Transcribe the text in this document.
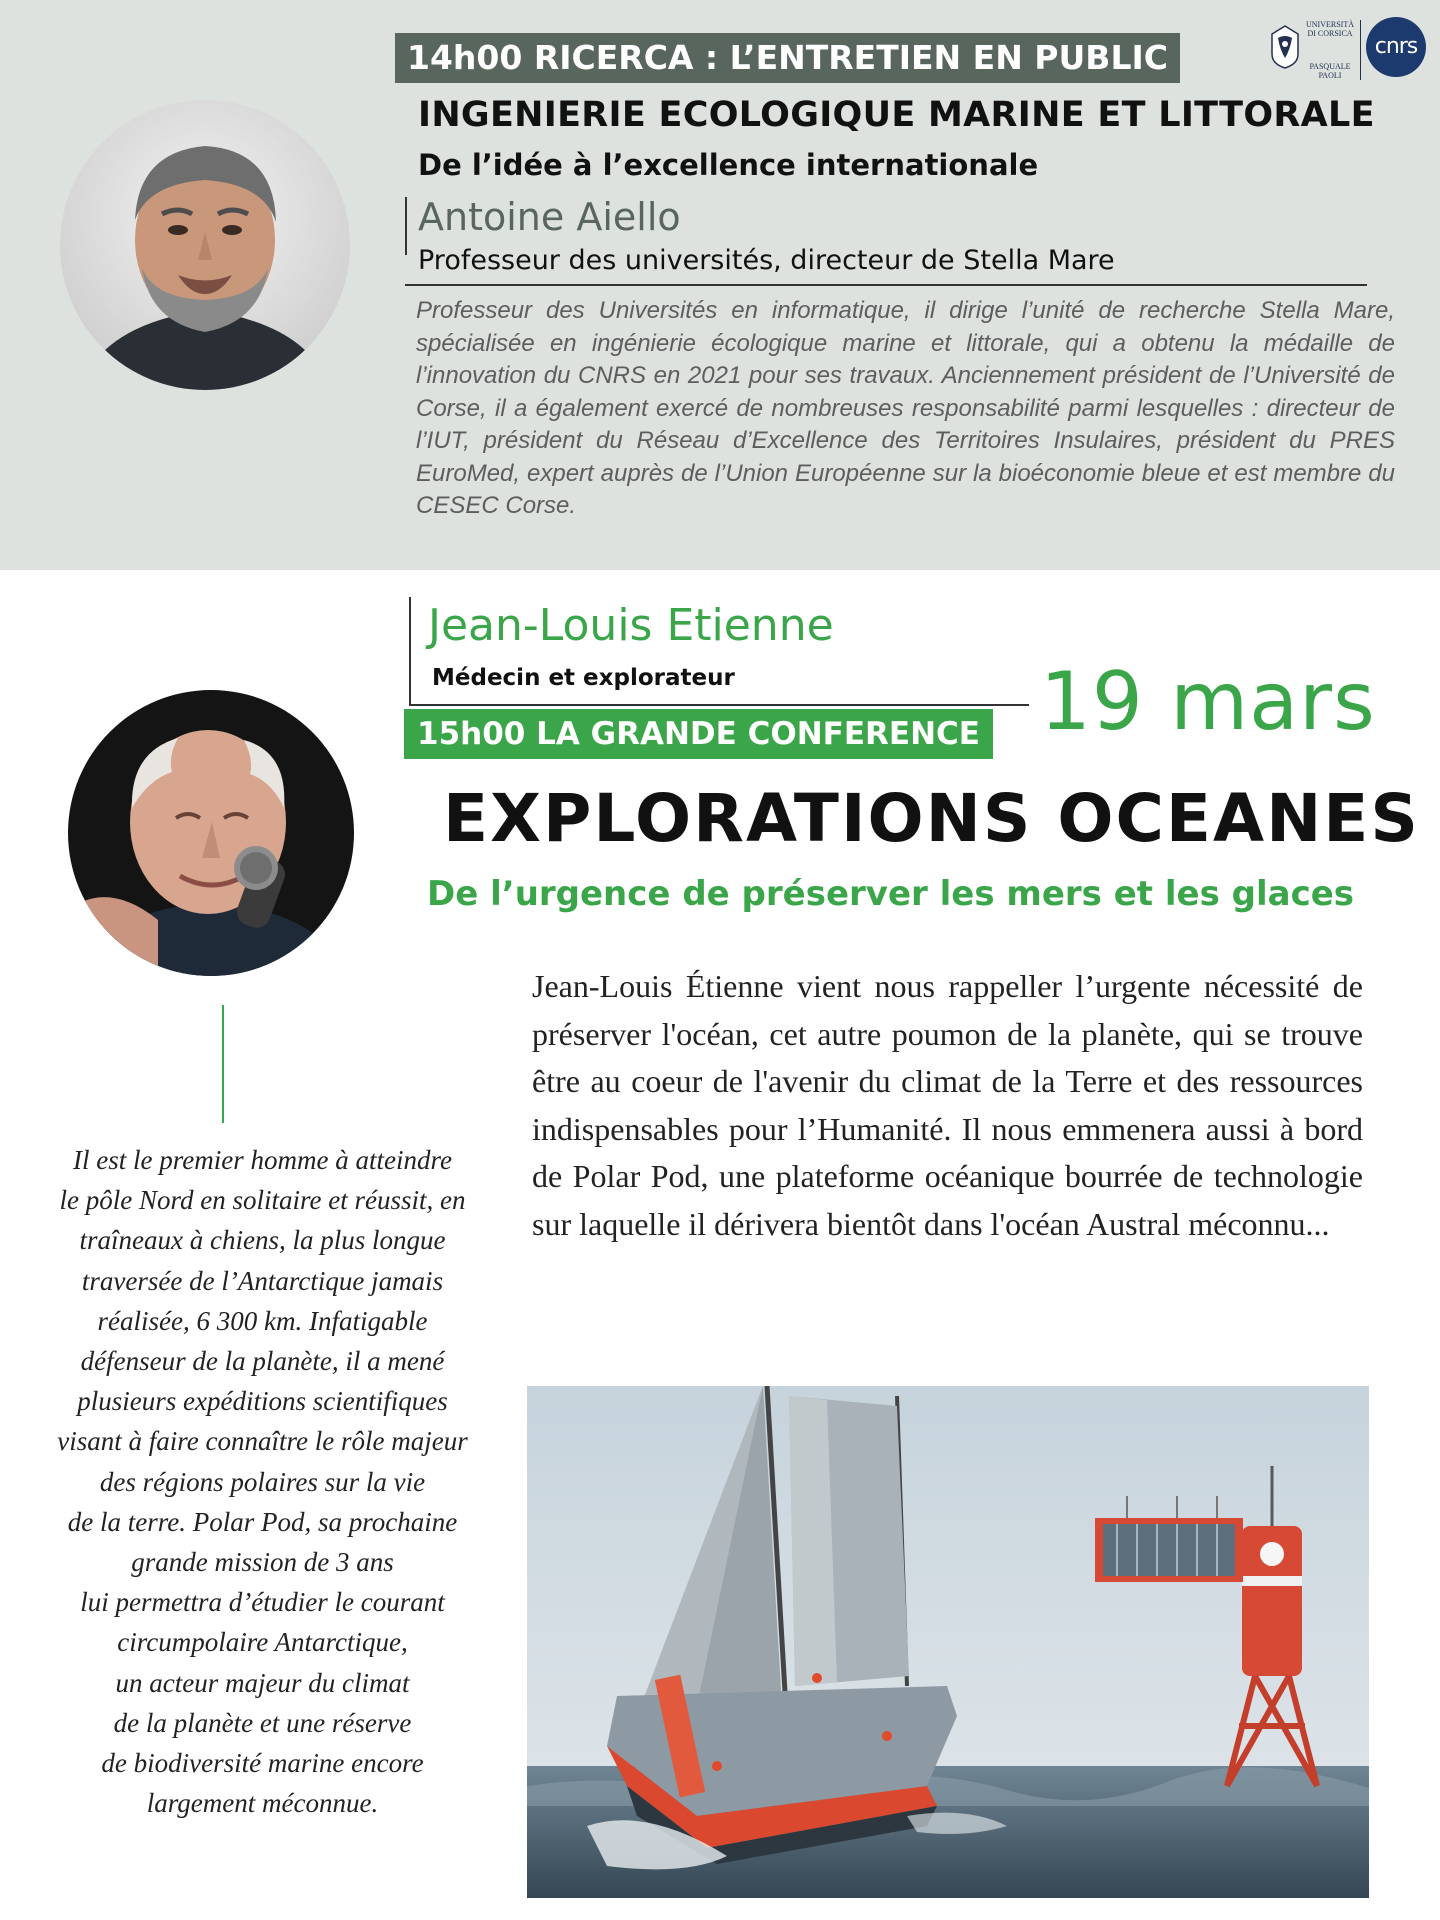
14h00 RICERCA : L’ENTRETIEN EN PUBLIC
UNIVERSITÀ
DI CORSICA
PASQUALE
PAOLI
cnrs
INGENIERIE ECOLOGIQUE MARINE ET LITTORALE
De l’idée à l’excellence internationale
Antoine Aiello
Professeur des universités, directeur de Stella Mare

Professeur des Universités en informatique, il dirige l’unité de recherche Stella Mare, spécialisée en ingénierie écologique marine et littorale, qui a obtenu la médaille de l’innovation du CNRS en 2021 pour ses travaux. Anciennement président de l’Université de Corse, il a également exercé de nombreuses responsabilité parmi lesquelles : directeur de l’IUT, président du Réseau d’Excellence des Territoires Insulaires, président du PRES EuroMed, expert auprès de l’Union Européenne sur la bioéconomie bleue et est membre du CESEC Corse.

Jean-Louis Etienne
Médecin et explorateur
15h00 LA GRANDE CONFERENCE 19 mars
EXPLORATIONS OCEANES
De l’urgence de préserver les mers et les glaces

Jean-Louis Étienne vient nous rappeller l’urgente nécessité de préserver l'océan, cet autre poumon de la planète, qui se trouve être au coeur de l'avenir du climat de la Terre et des ressources indispensables pour l’Humanité. Il nous emmenera aussi à bord de Polar Pod, une plateforme océanique bourrée de technologie sur laquelle il dérivera bientôt dans l'océan Austral méconnu...

Il est le premier homme à atteindre
le pôle Nord en solitaire et réussit, en
traîneaux à chiens, la plus longue
traversée de l’Antarctique jamais
réalisée, 6 300 km. Infatigable
défenseur de la planète, il a mené
plusieurs expéditions scientifiques
visant à faire connaître le rôle majeur
des régions polaires sur la vie
de la terre. Polar Pod, sa prochaine
grande mission de 3 ans
lui permettra d’étudier le courant
circumpolaire Antarctique,
un acteur majeur du climat
de la planète et une réserve
de biodiversité marine encore
largement méconnue.
